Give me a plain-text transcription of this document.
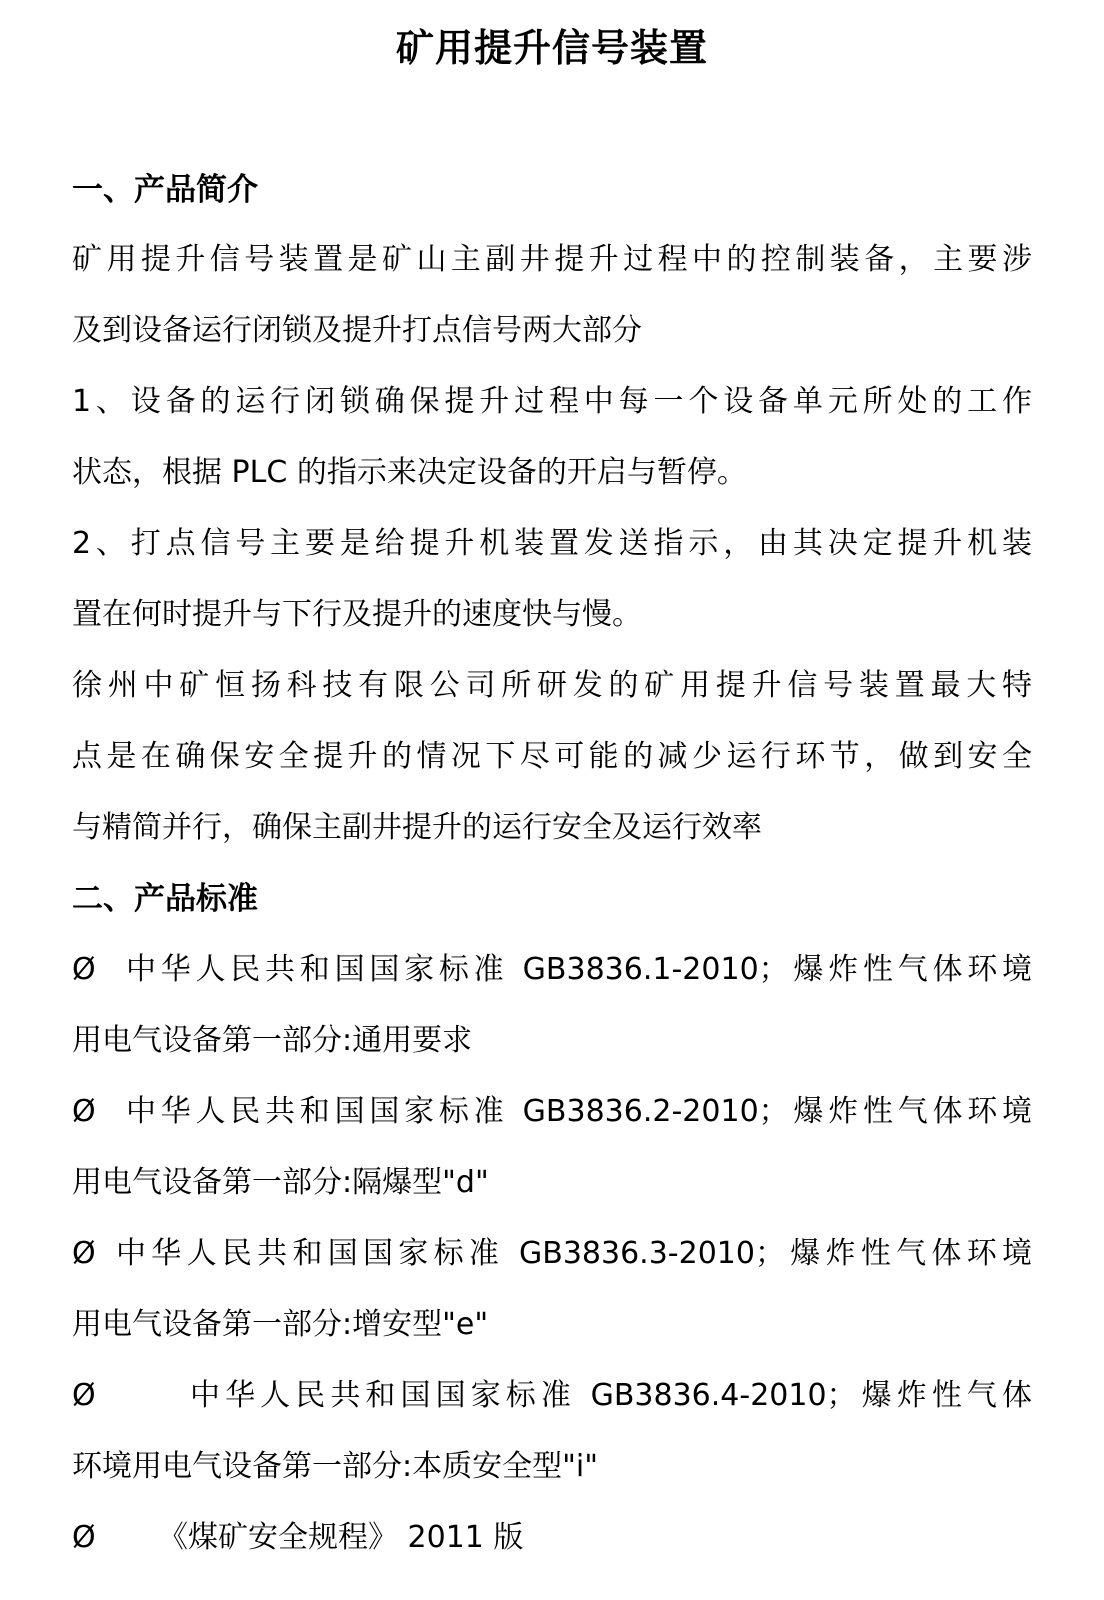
矿用提升信号装置
一、产品简介
矿用提升信号装置是矿山主副井提升过程中的控制装备，主要涉
及到设备运行闭锁及提升打点信号两大部分
1、设备的运行闭锁确保提升过程中每一个设备单元所处的工作
状态，根据 PLC 的指示来决定设备的开启与暂停。
2、打点信号主要是给提升机装置发送指示，由其决定提升机装
置在何时提升与下行及提升的速度快与慢。
徐州中矿恒扬科技有限公司所研发的矿用提升信号装置最大特
点是在确保安全提升的情况下尽可能的减少运行环节，做到安全
与精简并行，确保主副井提升的运行安全及运行效率
二、产品标准
Ø	中华人民共和国国家标准 GB3836.1-2010；爆炸性气体环境
用电气设备第一部分:通用要求
Ø	中华人民共和国国家标准 GB3836.2-2010；爆炸性气体环境
用电气设备第一部分:隔爆型"d"
Ø 中华人民共和国国家标准 GB3836.3-2010；爆炸性气体环境
用电气设备第一部分:增安型"e"
Ø	中华人民共和国国家标准 GB3836.4-2010；爆炸性气体
环境用电气设备第一部分:本质安全型"i"
Ø	《煤矿安全规程》 2011 版
